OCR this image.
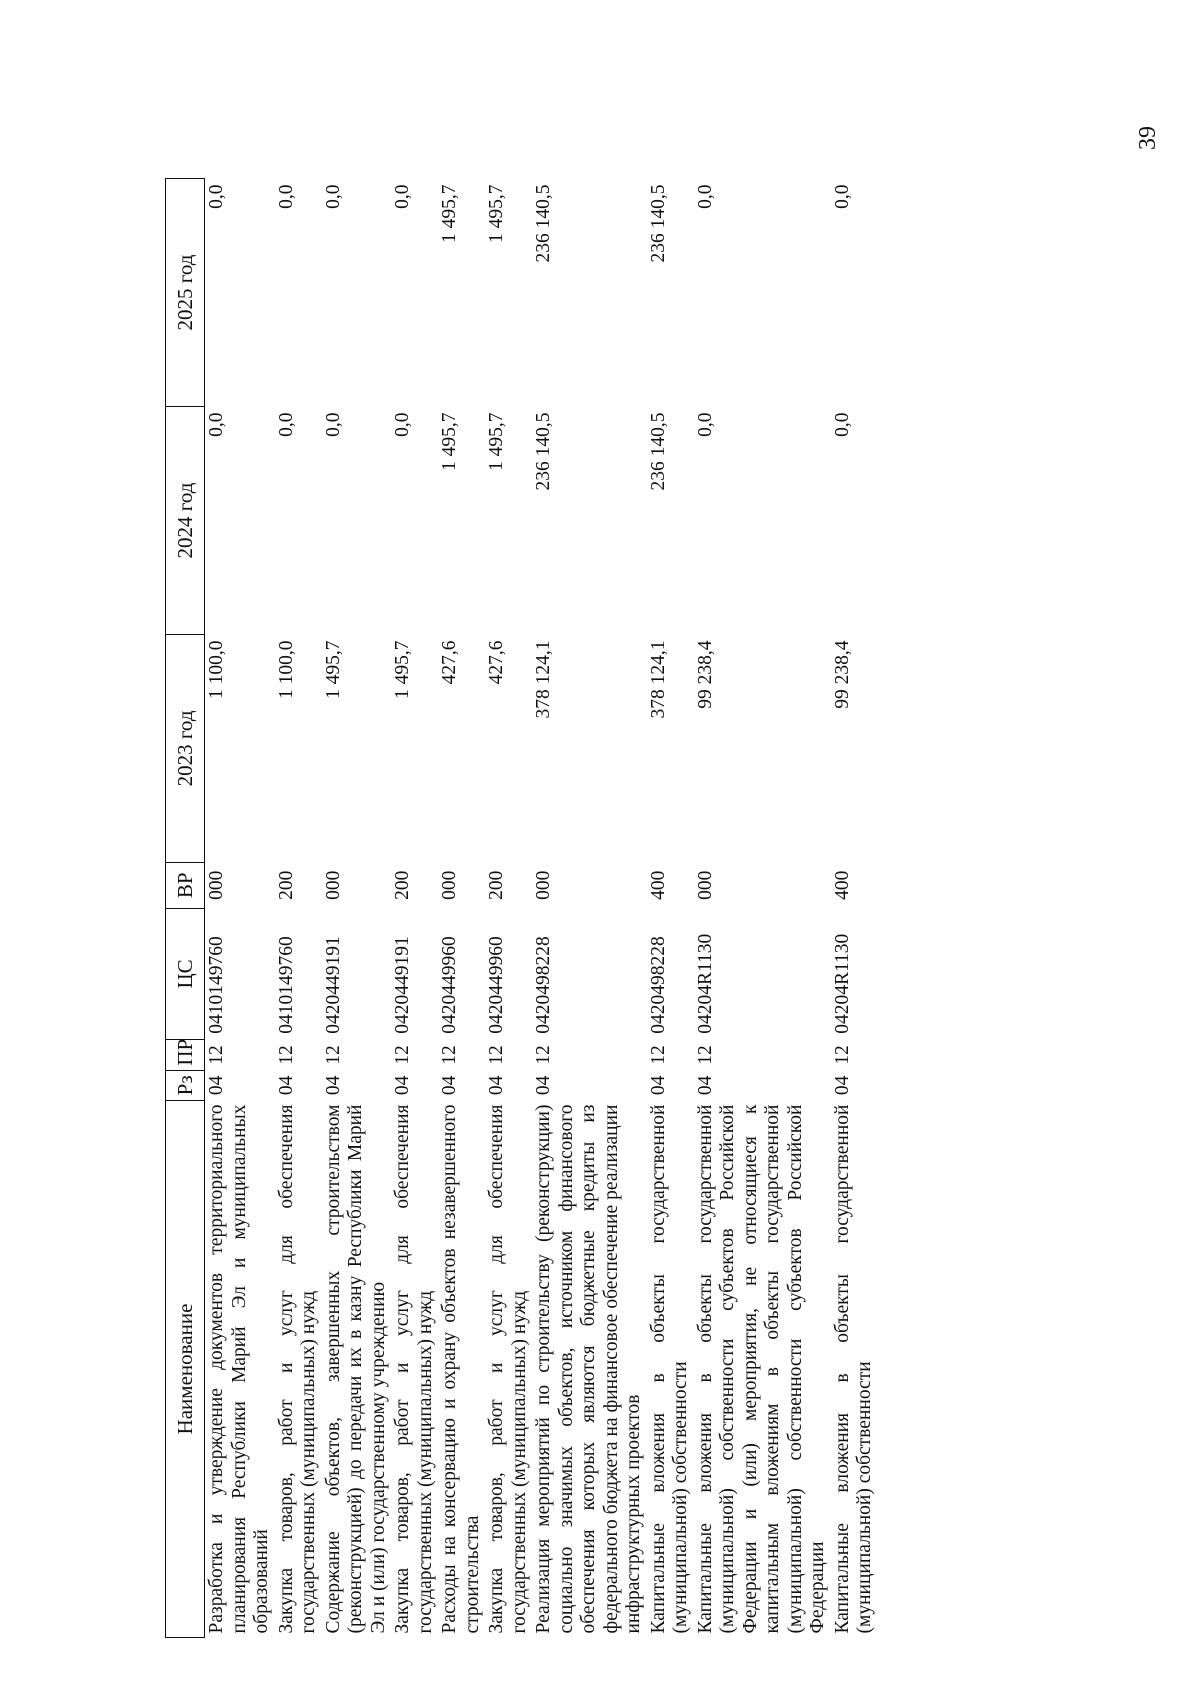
39
Наименование	Рз	ПР	ЦС	ВР	2023 год	2024 год	2025 год
Разработка и утверждение документов территориального планирования Республики Марий Эл и муниципальных образований	04	12	0410149760	000	1 100,0	0,0	0,0
Закупка товаров, работ и услуг для обеспечения государственных (муниципальных) нужд	04	12	0410149760	200	1 100,0	0,0	0,0
Содержание объектов, завершенных строительством (реконструкцией) до передачи их в казну Республики Марий Эл и (или) государственному учреждению	04	12	0420449191	000	1 495,7	0,0	0,0
Закупка товаров, работ и услуг для обеспечения государственных (муниципальных) нужд	04	12	0420449191	200	1 495,7	0,0	0,0
Расходы на консервацию и охрану объектов незавершенного строительства	04	12	0420449960	000	427,6	1 495,7	1 495,7
Закупка товаров, работ и услуг для обеспечения государственных (муниципальных) нужд	04	12	0420449960	200	427,6	1 495,7	1 495,7
Реализация мероприятий по строительству (реконструкции) социально значимых объектов, источником финансового обеспечения которых являются бюджетные кредиты из федерального бюджета на финансовое обеспечение реализации инфраструктурных проектов	04	12	0420498228	000	378 124,1	236 140,5	236 140,5
Капитальные вложения в объекты государственной (муниципальной) собственности	04	12	0420498228	400	378 124,1	236 140,5	236 140,5
Капитальные вложения в объекты государственной (муниципальной) собственности субъектов Российской Федерации и (или) мероприятия, не относящиеся к капитальным вложениям в объекты государственной (муниципальной) собственности субъектов Российской Федерации	04	12	04204R1130	000	99 238,4	0,0	0,0
Капитальные вложения в объекты государственной (муниципальной) собственности	04	12	04204R1130	400	99 238,4	0,0	0,0
